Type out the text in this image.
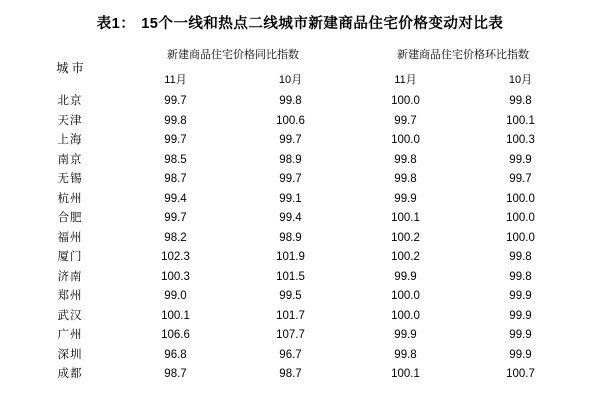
表1： 15个一线和热点二线城市新建商品住宅价格变动对比表
城 市	新建商品住宅价格同比指数		新建商品住宅价格环比指数	
	11月	10月	11月	10月
北京	99.7	99.8	100.0	99.8
天津	99.8	100.6	99.7	100.1
上海	99.7	99.7	100.0	100.3
南京	98.5	98.9	99.8	99.9
无锡	98.7	99.7	99.8	99.7
杭州	99.4	99.1	99.9	100.0
合肥	99.7	99.4	100.1	100.0
福州	98.2	98.9	100.2	100.0
厦门	102.3	101.9	100.2	99.8
济南	100.3	101.5	99.9	99.8
郑州	99.0	99.5	100.0	99.9
武汉	100.1	101.7	100.0	99.9
广州	106.6	107.7	99.9	99.9
深圳	96.8	96.7	99.8	99.9
成都	98.7	98.7	100.1	100.7
